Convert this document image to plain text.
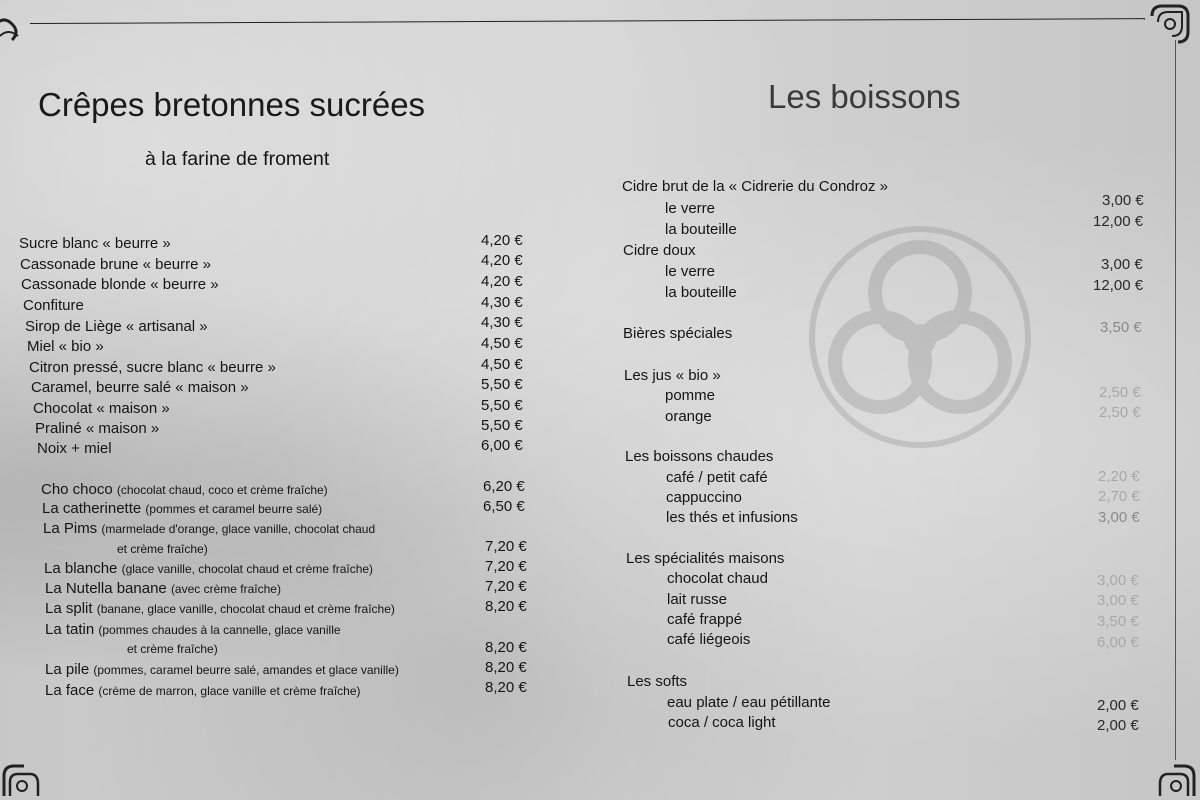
Crêpes bretonnes sucrées
à la farine de froment
Sucre blanc « beurre »	4,20 €
Cassonade brune « beurre »	4,20 €
Cassonade blonde « beurre »	4,20 €
Confiture	4,30 €
Sirop de Liège « artisanal »	4,30 €
Miel « bio »	4,50 €
Citron pressé, sucre blanc « beurre »	4,50 €
Caramel, beurre salé « maison »	5,50 €
Chocolat « maison »	5,50 €
Praliné « maison »	5,50 €
Noix + miel	6,00 €
Cho choco (chocolat chaud, coco et crème fraîche)	6,20 €
La catherinette (pommes et caramel beurre salé)	6,50 €
La Pims (marmelade d'orange, glace vanille, chocolat chaud
et crème fraîche)	7,20 €
La blanche (glace vanille, chocolat chaud et crème fraîche)	7,20 €
La Nutella banane (avec crème fraîche)	7,20 €
La split (banane, glace vanille, chocolat chaud et crème fraîche)	8,20 €
La tatin (pommes chaudes à la cannelle, glace vanille
et crème fraîche)	8,20 €
La pile (pommes, caramel beurre salé, amandes et glace vanille)	8,20 €
La face (crème de marron, glace vanille et crème fraîche)	8,20 €
Les boissons
Cidre brut de la « Cidrerie du Condroz »
le verre	3,00 €
la bouteille	12,00 €
Cidre doux
le verre	3,00 €
la bouteille	12,00 €
Bières spéciales	3,50 €
Les jus « bio »
pomme	2,50 €
orange	2,50 €
Les boissons chaudes
café / petit café	2,20 €
cappuccino	2,70 €
les thés et infusions	3,00 €
Les spécialités maisons
chocolat chaud	3,00 €
lait russe	3,00 €
café frappé	3,50 €
café liégeois	6,00 €
Les softs
eau plate / eau pétillante	2,00 €
coca / coca light	2,00 €
